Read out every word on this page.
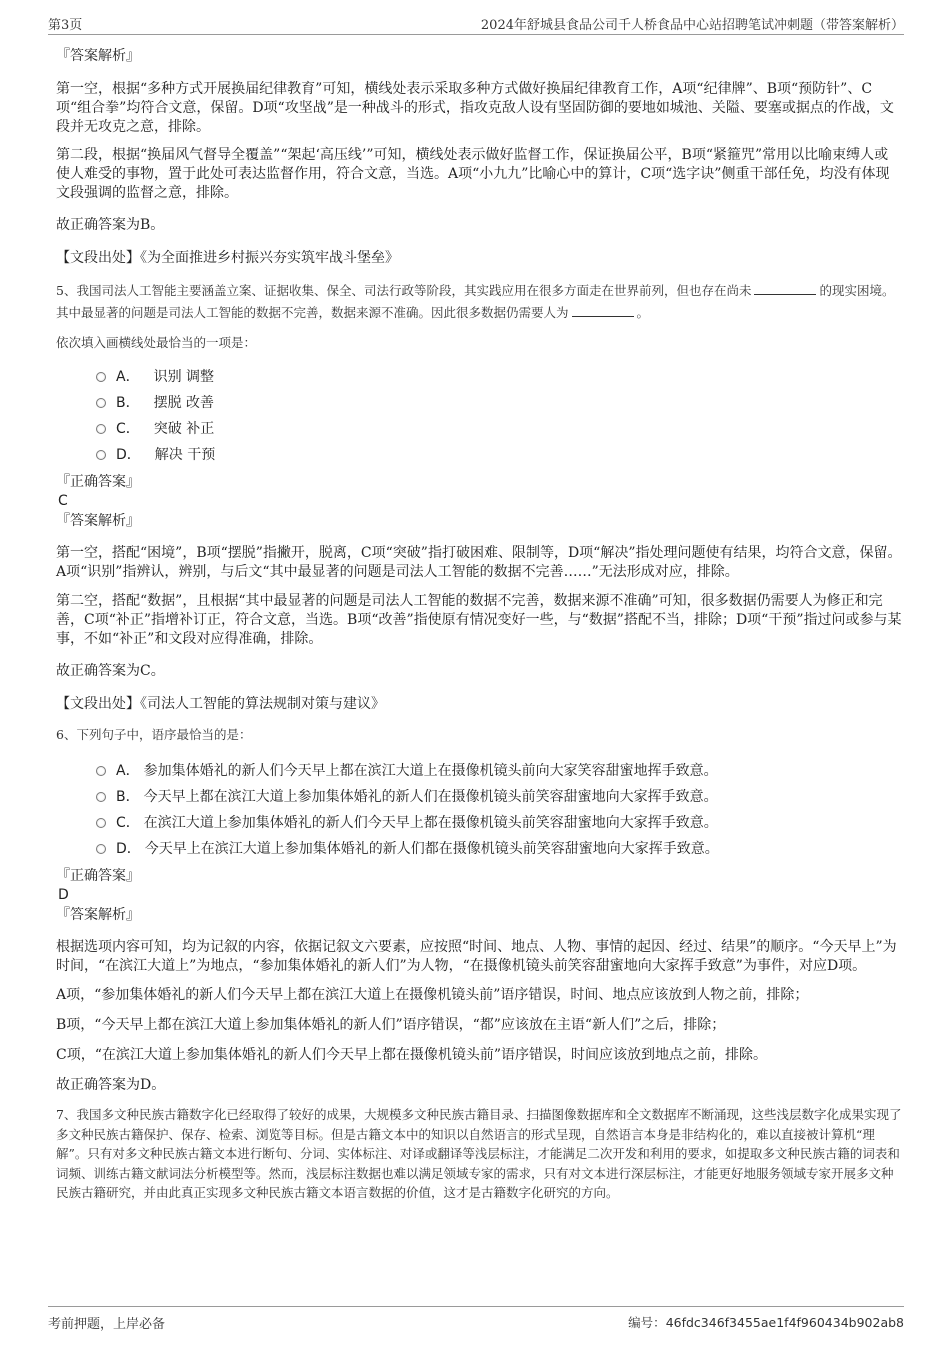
第3页	2024年舒城县食品公司千人桥食品中心站招聘笔试冲刺题（带答案解析）

『答案解析』

第一空，根据“多种方式开展换届纪律教育”可知，横线处表示采取多种方式做好换届纪律教育工作，A项“纪律牌”、B项“预防针”、C项“组合拳”均符合文意，保留。D项“攻坚战”是一种战斗的形式，指攻克敌人设有坚固防御的要地如城池、关隘、要塞或据点的作战，文段并无攻克之意，排除。

第二段，根据“换届风气督导全覆盖”“架起‘高压线’”可知，横线处表示做好监督工作，保证换届公平，B项“紧箍咒”常用以比喻束缚人或使人难受的事物，置于此处可表达监督作用，符合文意，当选。A项“小九九”比喻心中的算计，C项“选字诀”侧重干部任免，均没有体现文段强调的监督之意，排除。

故正确答案为B。

【文段出处】《为全面推进乡村振兴夯实筑牢战斗堡垒》

5、我国司法人工智能主要涵盖立案、证据收集、保全、司法行政等阶段，其实践应用在很多方面走在世界前列，但也存在尚未	的现实困境。其中最显著的问题是司法人工智能的数据不完善，数据来源不准确。因此很多数据仍需要人为	。

依次填入画横线处最恰当的一项是：

A． 识别 调整
B． 摆脱 改善
C． 突破 补正
D． 解决 干预

『正确答案』

C

『答案解析』

第一空，搭配“困境”，B项“摆脱”指撇开，脱离，C项“突破”指打破困难、限制等，D项“解决”指处理问题使有结果，均符合文意，保留。A项“识别”指辨认，辨别，与后文“其中最显著的问题是司法人工智能的数据不完善……”无法形成对应，排除。

第二空，搭配“数据”，且根据“其中最显著的问题是司法人工智能的数据不完善，数据来源不准确”可知，很多数据仍需要人为修正和完善，C项“补正”指增补订正，符合文意，当选。B项“改善”指使原有情况变好一些，与“数据”搭配不当，排除；D项“干预”指过问或参与某事，不如“补正”和文段对应得准确，排除。

故正确答案为C。

【文段出处】《司法人工智能的算法规制对策与建议》

6、下列句子中，语序最恰当的是：

A． 参加集体婚礼的新人们今天早上都在滨江大道上在摄像机镜头前向大家笑容甜蜜地挥手致意。
B． 今天早上都在滨江大道上参加集体婚礼的新人们在摄像机镜头前笑容甜蜜地向大家挥手致意。
C． 在滨江大道上参加集体婚礼的新人们今天早上都在摄像机镜头前笑容甜蜜地向大家挥手致意。
D． 今天早上在滨江大道上参加集体婚礼的新人们都在摄像机镜头前笑容甜蜜地向大家挥手致意。

『正确答案』

D

『答案解析』

根据选项内容可知，均为记叙的内容，依据记叙文六要素，应按照“时间、地点、人物、事情的起因、经过、结果”的顺序。“今天早上”为时间，“在滨江大道上”为地点，“参加集体婚礼的新人们”为人物，“在摄像机镜头前笑容甜蜜地向大家挥手致意”为事件，对应D项。

A项，“参加集体婚礼的新人们今天早上都在滨江大道上在摄像机镜头前”语序错误，时间、地点应该放到人物之前，排除；

B项，“今天早上都在滨江大道上参加集体婚礼的新人们”语序错误，“都”应该放在主语“新人们”之后，排除；

C项，“在滨江大道上参加集体婚礼的新人们今天早上都在摄像机镜头前”语序错误，时间应该放到地点之前，排除。

故正确答案为D。

7、我国多文种民族古籍数字化已经取得了较好的成果，大规模多文种民族古籍目录、扫描图像数据库和全文数据库不断涌现，这些浅层数字化成果实现了多文种民族古籍保护、保存、检索、浏览等目标。但是古籍文本中的知识以自然语言的形式呈现，自然语言本身是非结构化的，难以直接被计算机“理解”。只有对多文种民族古籍文本进行断句、分词、实体标注、对译或翻译等浅层标注，才能满足二次开发和利用的要求，如提取多文种民族古籍的词表和词频、训练古籍文献词法分析模型等。然而，浅层标注数据也难以满足领域专家的需求，只有对文本进行深层标注，才能更好地服务领域专家开展多文种民族古籍研究，并由此真正实现多文种民族古籍文本语言数据的价值，这才是古籍数字化研究的方向。

考前押题，上岸必备	编号：46fdc346f3455ae1f4f960434b902ab8
